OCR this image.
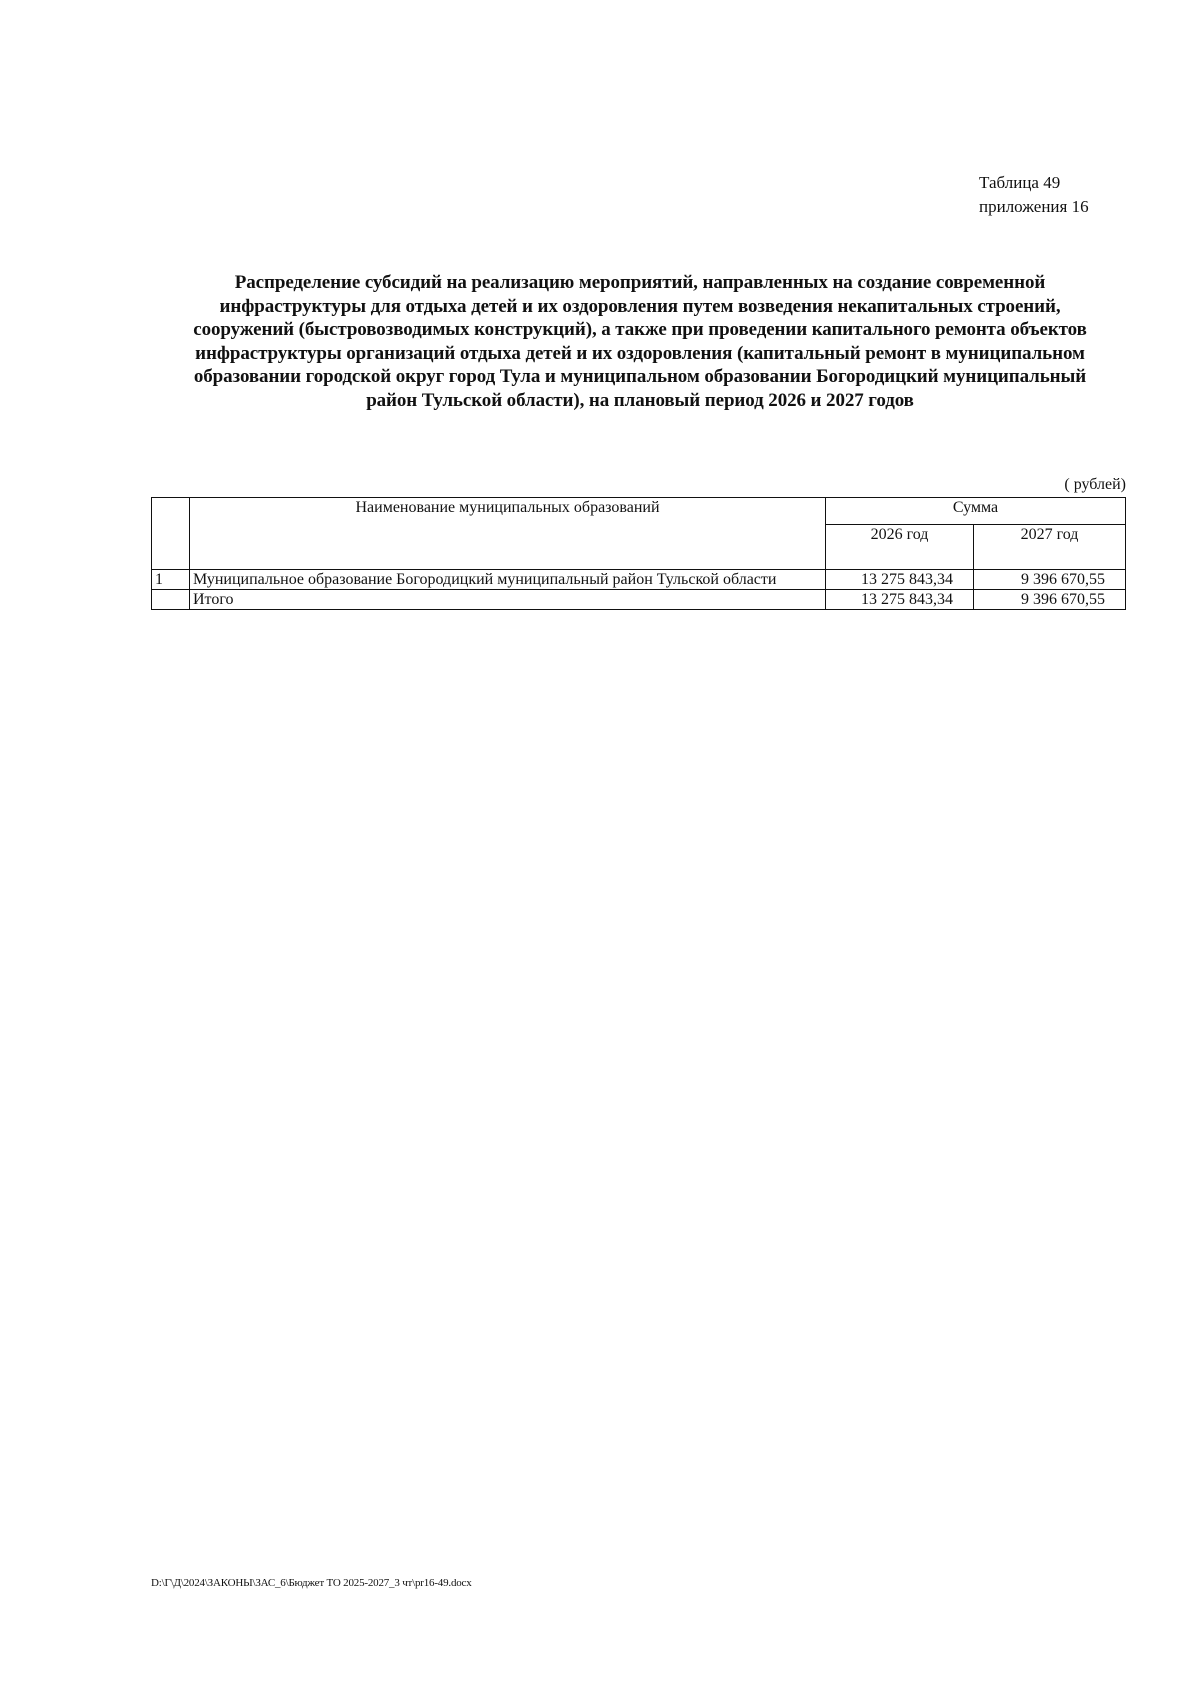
Таблица 49
приложения 16
Распределение субсидий на реализацию мероприятий, направленных на создание современной
инфраструктуры для отдыха детей и их оздоровления путем возведения некапитальных строений,
сооружений (быстровозводимых конструкций), а также при проведении капитального ремонта объектов
инфраструктуры организаций отдыха детей и их оздоровления (капитальный ремонт в муниципальном
образовании городской округ город Тула и муниципальном образовании Богородицкий муниципальный
район Тульской области), на плановый период 2026 и 2027 годов
( рублей)
	Наименование муниципальных образований	Сумма	
		2026 год	2027 год
1	Муниципальное образование Богородицкий муниципальный район Тульской области	13 275 843,34	9 396 670,55
	Итого	13 275 843,34	9 396 670,55
D:\Г\Д\2024\ЗАКОНЫ\ЗАС_6\Бюджет ТО 2025-2027_3 чт\pr16-49.docx
